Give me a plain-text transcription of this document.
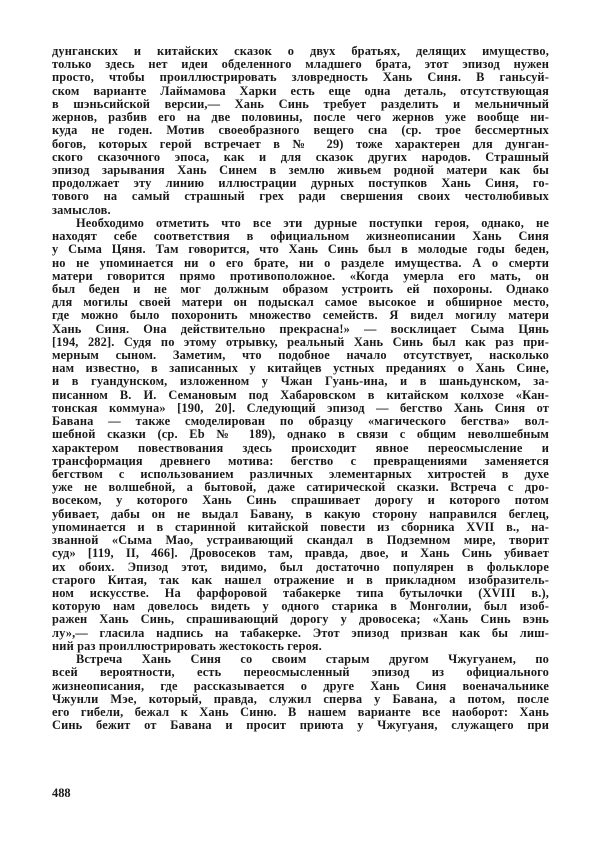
дунганских и китайских сказок о двух братьях, делящих имущество,
только здесь нет идеи обделенного младшего брата, этот эпизод нужен
просто, чтобы проиллюстрировать зловредность Хань Синя. В ганьсуй-
ском варианте Лаймамова Харки есть еще одна деталь, отсутствующая
в шэньсийской версии,— Хань Синь требует разделить и мельничный
жернов, разбив его на две половины, после чего жернов уже вообще ни-
куда не годен. Мотив своеобразного вещего сна (ср. трое бессмертных
богов, которых герой встречает в № 29) тоже характерен для дунган-
ского сказочного эпоса, как и для сказок других народов. Страшный
эпизод зарывания Хань Синем в землю живьем родной матери как бы
продолжает эту линию иллюстрации дурных поступков Хань Синя, го-
тового на самый страшный грех ради свершения своих честолюбивых
замыслов.
Необходимо отметить что все эти дурные поступки героя, однако, не
находят себе соответствия в официальном жизнеописании Хань Синя
у Сыма Цяня. Там говорится, что Хань Синь был в молодые годы беден,
но не упоминается ни о его брате, ни о разделе имущества. А о смерти
матери говорится прямо противоположное. «Когда умерла его мать, он
был беден и не мог должным образом устроить ей похороны. Однако
для могилы своей матери он подыскал самое высокое и обширное место,
где можно было похоронить множество семейств. Я видел могилу матери
Хань Синя. Она действительно прекрасна!» — восклицает Сыма Цянь
[194, 282]. Судя по этому отрывку, реальный Хань Синь был как раз при-
мерным сыном. Заметим, что подобное начало отсутствует, насколько
нам известно, в записанных у китайцев устных преданиях о Хань Сине,
и в гуандунском, изложенном у Чжан Гуань-ина, и в шаньдунском, за-
писанном В. И. Семановым под Хабаровском в китайском колхозе «Кан-
тонская коммуна» [190, 20]. Следующий эпизод — бегство Хань Синя от
Бавана — также смоделирован по образцу «магического бегства» вол-
шебной сказки (ср. Eb № 189), однако в связи с общим неволшебным
характером повествования здесь происходит явное переосмысление и
трансформация древнего мотива: бегство с превращениями заменяется
бегством с использованием различных элементарных хитростей в духе
уже не волшебной, а бытовой, даже сатирической сказки. Встреча с дро-
восеком, у которого Хань Синь спрашивает дорогу и которого потом
убивает, дабы он не выдал Бавану, в какую сторону направился беглец,
упоминается и в старинной китайской повести из сборника XVII в., на-
званной «Сыма Мао, устраивающий скандал в Подземном мире, творит
суд» [119, II, 466]. Дровосеков там, правда, двое, и Хань Синь убивает
их обоих. Эпизод этот, видимо, был достаточно популярен в фольклоре
старого Китая, так как нашел отражение и в прикладном изобразитель-
ном искусстве. На фарфоровой табакерке типа бутылочки (XVIII в.),
которую нам довелось видеть у одного старика в Монголии, был изоб-
ражен Хань Синь, спрашивающий дорогу у дровосека; «Хань Синь вэнь
лу»,— гласила надпись на табакерке. Этот эпизод призван как бы лиш-
ний раз проиллюстрировать жестокость героя.
Встреча Хань Синя со своим старым другом Чжугуанем, по
всей вероятности, есть переосмысленный эпизод из официального
жизнеописания, где рассказывается о друге Хань Синя военачальнике
Чжунли Мэе, который, правда, служил сперва у Бавана, а потом, после
его гибели, бежал к Хань Синю. В нашем варианте все наоборот: Хань
Синь бежит от Бавана и просит приюта у Чжугуаня, служащего при
488
